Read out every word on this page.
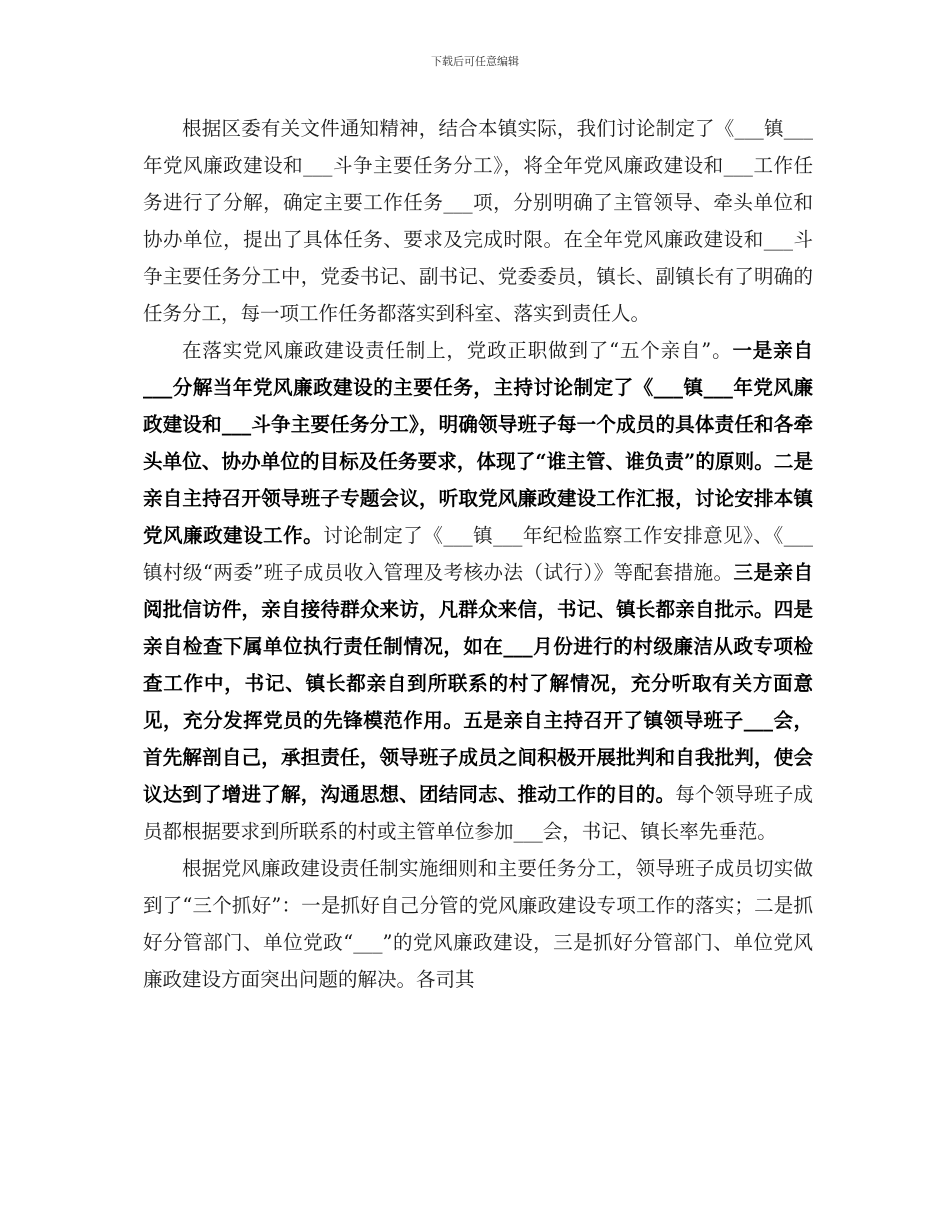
下载后可任意编辑

根据区委有关文件通知精神，结合本镇实际，我们讨论制定了《___镇___年党风廉政建设和___斗争主要任务分工》，将全年党风廉政建设和___工作任务进行了分解，确定主要工作任务___项，分别明确了主管领导、牵头单位和协办单位，提出了具体任务、要求及完成时限。在全年党风廉政建设和___斗争主要任务分工中，党委书记、副书记、党委委员，镇长、副镇长有了明确的任务分工，每一项工作任务都落实到科室、落实到责任人。

在落实党风廉政建设责任制上，党政正职做到了“五个亲自”。一是亲自___分解当年党风廉政建设的主要任务，主持讨论制定了《___镇___年党风廉政建设和___斗争主要任务分工》，明确领导班子每一个成员的具体责任和各牵头单位、协办单位的目标及任务要求，体现了“谁主管、谁负责”的原则。二是亲自主持召开领导班子专题会议，听取党风廉政建设工作汇报，讨论安排本镇党风廉政建设工作。讨论制定了《___镇___年纪检监察工作安排意见》、《___镇村级“两委”班子成员收入管理及考核办法（试行）》等配套措施。三是亲自阅批信访件，亲自接待群众来访，凡群众来信，书记、镇长都亲自批示。四是亲自检查下属单位执行责任制情况，如在___月份进行的村级廉洁从政专项检查工作中，书记、镇长都亲自到所联系的村了解情况，充分听取有关方面意见，充分发挥党员的先锋模范作用。五是亲自主持召开了镇领导班子___会，首先解剖自己，承担责任，领导班子成员之间积极开展批判和自我批判，使会议达到了增进了解，沟通思想、团结同志、推动工作的目的。每个领导班子成员都根据要求到所联系的村或主管单位参加___会，书记、镇长率先垂范。

根据党风廉政建设责任制实施细则和主要任务分工，领导班子成员切实做到了“三个抓好”：一是抓好自己分管的党风廉政建设专项工作的落实；二是抓好分管部门、单位党政“___”的党风廉政建设，三是抓好分管部门、单位党风廉政建设方面突出问题的解决。各司其
